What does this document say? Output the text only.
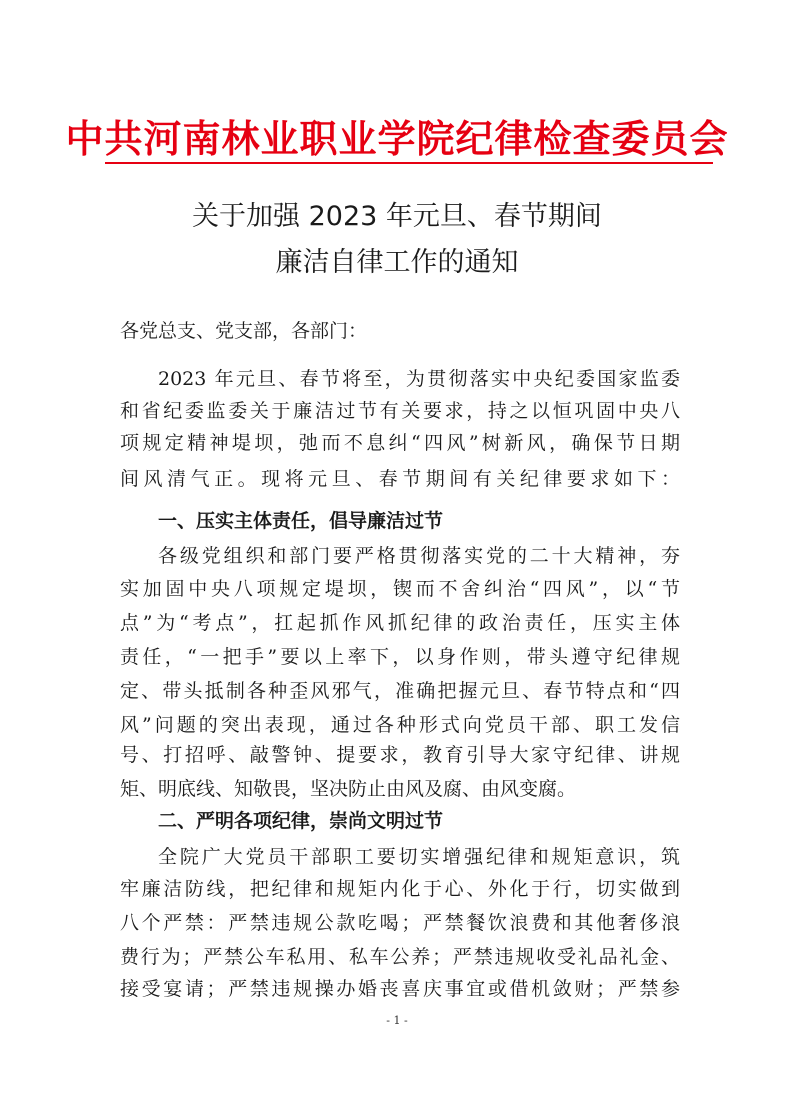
中共河南林业职业学院纪律检查委员会
关于加强 2023 年元旦、春节期间
廉洁自律工作的通知
各党总支、党支部，各部门：
2023 年元旦、春节将至，为贯彻落实中央纪委国家监委
和省纪委监委关于廉洁过节有关要求，持之以恒巩固中央八
项规定精神堤坝，弛而不息纠“四风”树新风，确保节日期
间风清气正。现将元旦、春节期间有关纪律要求如下：
一、压实主体责任，倡导廉洁过节
各级党组织和部门要严格贯彻落实党的二十大精神，夯
实加固中央八项规定堤坝，锲而不舍纠治“四风”，以“节
点”为“考点”，扛起抓作风抓纪律的政治责任，压实主体
责任，“一把手”要以上率下，以身作则，带头遵守纪律规
定、带头抵制各种歪风邪气，准确把握元旦、春节特点和“四
风”问题的突出表现，通过各种形式向党员干部、职工发信
号、打招呼、敲警钟、提要求，教育引导大家守纪律、讲规
矩、明底线、知敬畏，坚决防止由风及腐、由风变腐。
二、严明各项纪律，崇尚文明过节
全院广大党员干部职工要切实增强纪律和规矩意识，筑
牢廉洁防线，把纪律和规矩内化于心、外化于行，切实做到
八个严禁：严禁违规公款吃喝；严禁餐饮浪费和其他奢侈浪
费行为；严禁公车私用、私车公养；严禁违规收受礼品礼金、
接受宴请；严禁违规操办婚丧喜庆事宜或借机敛财；严禁参
- 1 -
